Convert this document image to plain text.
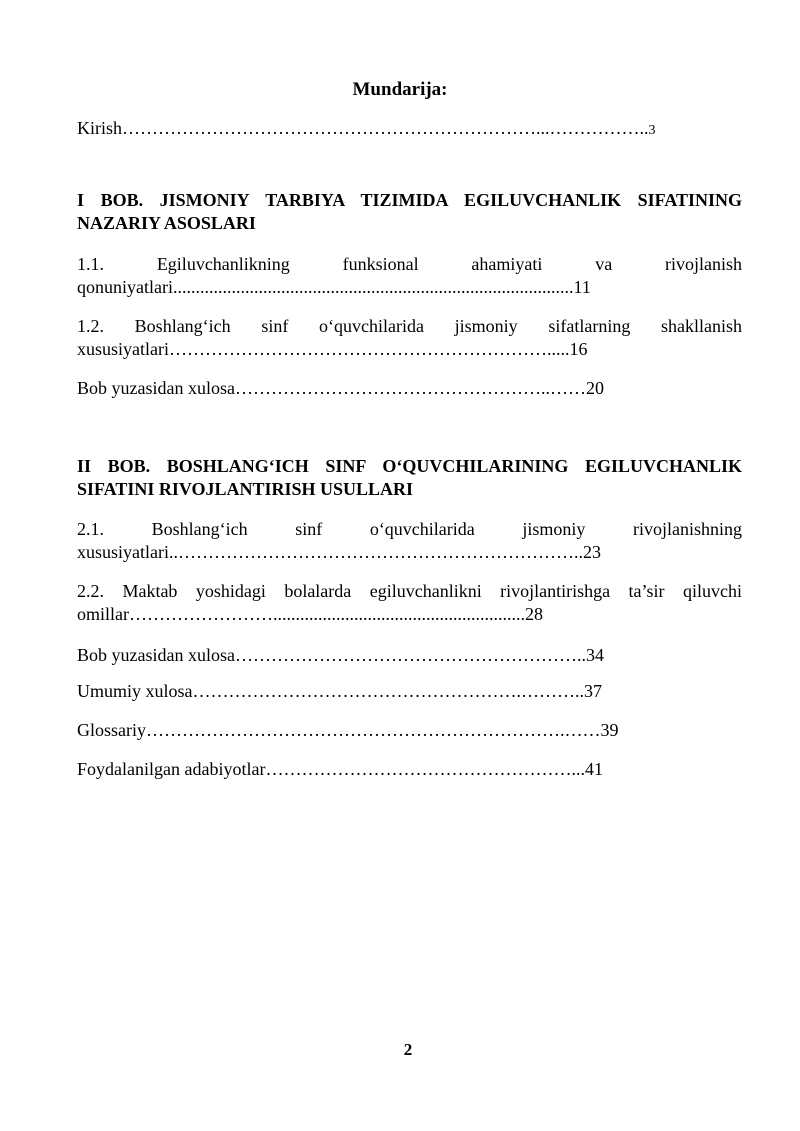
Mundarija:
Kirish……………………………………………………………...……………..3
I BOB. JISMONIY TARBIYA TIZIMIDA EGILUVCHANLIK SIFATINING NAZARIY ASOSLARI
1.1. Egiluvchanlikning funksional ahamiyati va rivojlanish qonuniyatlari.........................................................................................11
1.2. Boshlang‘ich sinf o‘quvchilarida jismoniy sifatlarning shakllanish xususiyatlari……………………………………………………….....16
Bob yuzasidan xulosa……………………………………………..……20
II BOB. BOSHLANG‘ICH SINF O‘QUVCHILARINING EGILUVCHANLIK SIFATINI RIVOJLANTIRISH USULLARI
2.1. Boshlang‘ich sinf o‘quvchilarida jismoniy rivojlanishning xususiyatlari..…………………………………………………………..23
2.2. Maktab yoshidagi bolalarda egiluvchanlikni rivojlantirishga ta’sir qiluvchi omillar……………………........................................................28
Bob yuzasidan xulosa…………………………………………………..34
Umumiy xulosa……………………………………………….………..37
Glossariy…………………………………………………………….……39
Foydalanilgan adabiyotlar……………………………………………...41
2
